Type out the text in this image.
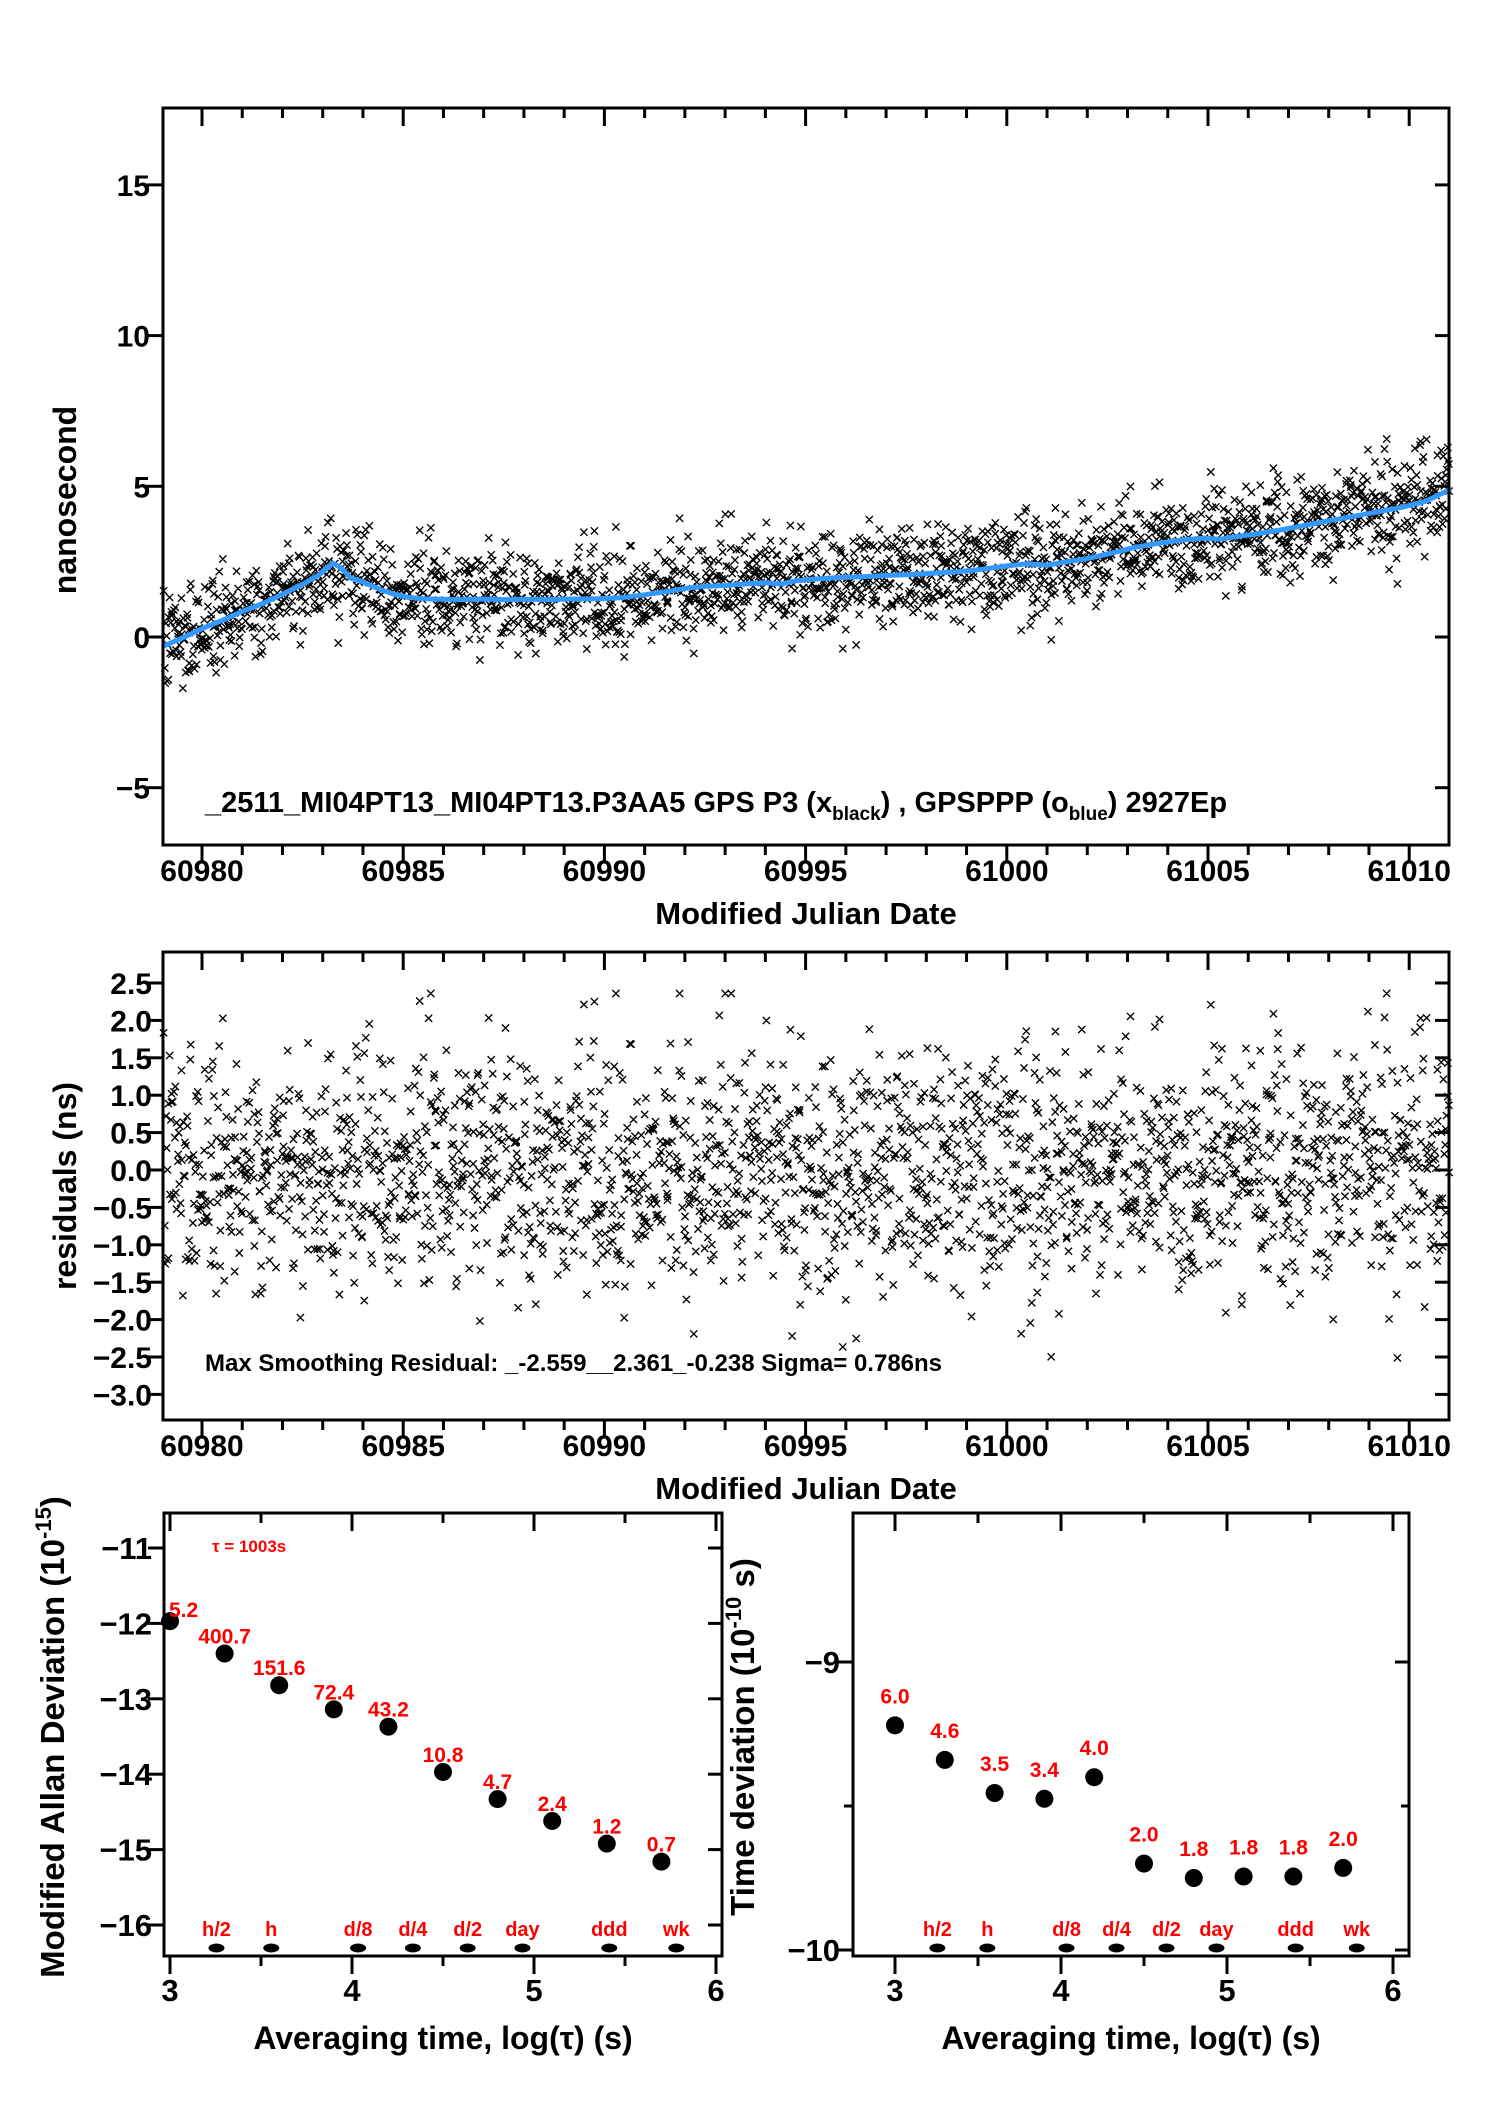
60980	60985	60990	60995	61000	61005	61010
−5
0
5
10
15
Modified Julian Date
nanosecond
_2511_MI04PT13_MI04PT13.P3AA5 GPS P3 $(x_{black})$ , GPSPPP $(o_{blue})$ 2927Ep
60980	60985	60990	60995	61000	61005	61010
2.5
2.0
1.5
1.0
0.5
0.0
−0.5
−1.0
−1.5
−2.0
−2.5
−3.0
Modified Julian Date
residuals (ns)
Max Smoothing Residual: _-2.559__2.361_-0.238 Sigma= 0.786ns
3	4	5	6
−11
−12
−13
−14
−15
−16
Averaging time, log(τ) (s)
Modified Allan Deviation $(10^{-15})$
h/2 h	d/8 d/4 d/2 day	ddd wk
5.2
400.7
151.6
72.4
43.2
10.8
4.7
2.4
1.2
0.7
τ = 1003s
3	4	5	6
−9
−10
Averaging time, log(τ) (s)
Time deviation ($10^{-10}$ s)
h/2 h	d/8 d/4 d/2 day ddd wk
6.0
4.6
3.5 3.4
4.0
2.0
1.8 1.8 1.8 2.0
